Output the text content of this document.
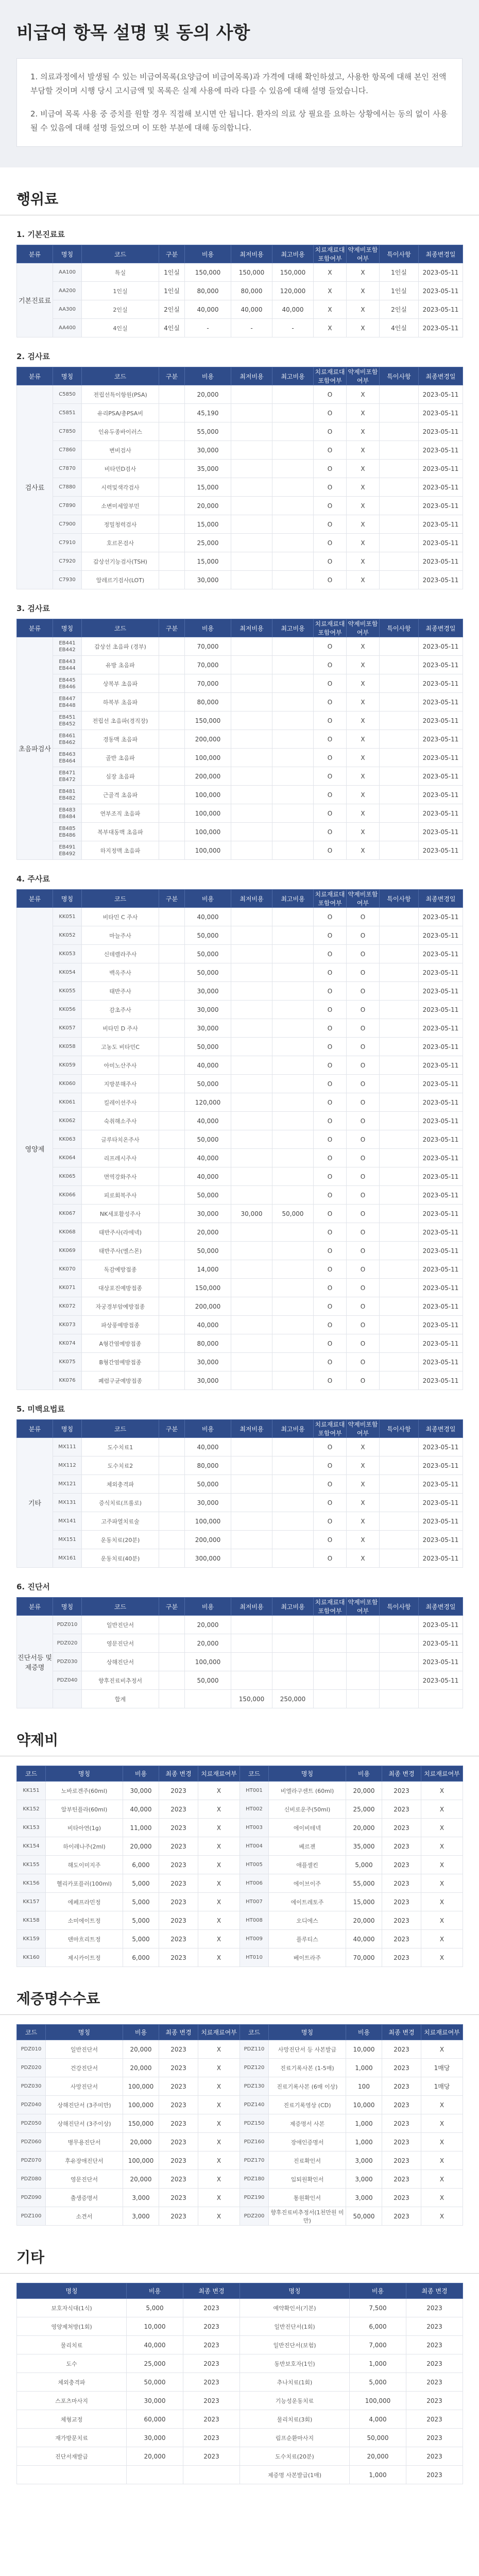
비급여 항목 설명 및 동의 사항

1. 의료과정에서 발생될 수 있는 비급여목록(요양급여 비급여목록)과 가격에 대해 확인하셨고, 사용한 항목에 대해 본인 전액 부담할 것이며 시행 당시 고시금액 및 목록은 실제 사용에 따라 다를 수 있음에 대해 설명 들었습니다.

2. 비급여 목록 사용 중 증치를 원할 경우 직접해 보시면 안 됩니다. 환자의 의료 상 필요를 요하는 상황에서는 동의 없이 사용될 수 있음에 대해 설명 들었으며 이 또한 부분에 대해 동의합니다.

행위료
1. 기본진료료
분류	명칭	코드	구분	비용	최저비용	최고비용	치료재료대포함여부	약제비포함여부	특이사항	최종변경일
기본진료료	AA100	특실	1인실	150,000	150,000	150,000	X	X	1인실	2023-05-11
	AA200	1인실	1인실	80,000	80,000	120,000	X	X	1인실	2023-05-11
	AA300	2인실	2인실	40,000	40,000	40,000	X	X	2인실	2023-05-11
	AA400	4인실	4인실	-	-	-	X	X	4인실	2023-05-11
2. 검사료
분류	명칭	코드	구분	비용	최저비용	최고비용	치료재료대포함여부	약제비포함여부	특이사항	최종변경일
검사료	C5850	전립선특이항원(PSA)		20,000			O	X		2023-05-11
	C5851	유리PSA/총PSA비		45,190			O	X		2023-05-11
	C7850	인유두종바이러스		55,000			O	X		2023-05-11
	C7860	변비검사		30,000			O	X		2023-05-11
	C7870	비타민D검사		35,000			O	X		2023-05-11
	C7880	시력및색각검사		15,000			O	X		2023-05-11
	C7890	소변미세알부민		20,000			O	X		2023-05-11
	C7900	정밀청력검사		15,000			O	X		2023-05-11
	C7910	호르몬검사		25,000			O	X		2023-05-11
	C7920	갑상선기능검사(TSH)		15,000			O	X		2023-05-11
	C7930	알레르기검사(LOT)		30,000			O	X		2023-05-11
3. 검사료
분류	명칭	코드	구분	비용	최저비용	최고비용	치료재료대포함여부	약제비포함여부	특이사항	최종변경일
초음파검사	EB441 EB442	갑상선 초음파 (경부)		70,000			O	X		2023-05-11
	EB443 EB444	유방 초음파		70,000			O	X		2023-05-11
	EB445 EB446	상복부 초음파		70,000			O	X		2023-05-11
	EB447 EB448	하복부 초음파		80,000			O	X		2023-05-11
	EB451 EB452	전립선 초음파(경직장)		150,000			O	X		2023-05-11
	EB461 EB462	경동맥 초음파		200,000			O	X		2023-05-11
	EB463 EB464	골반 초음파		100,000			O	X		2023-05-11
	EB471 EB472	심장 초음파		200,000			O	X		2023-05-11
	EB481 EB482	근골격 초음파		100,000			O	X		2023-05-11
	EB483 EB484	연부조직 초음파		100,000			O	X		2023-05-11
	EB485 EB486	복부대동맥 초음파		100,000			O	X		2023-05-11
	EB491 EB492	하지정맥 초음파		100,000			O	X		2023-05-11
4. 주사료
분류	명칭	코드	구분	비용	최저비용	최고비용	치료재료대포함여부	약제비포함여부	특이사항	최종변경일
영양제	KK051	비타민 C 주사		40,000			O	O		2023-05-11
	KK052	마늘주사		50,000			O	O		2023-05-11
	KK053	신데렐라주사		50,000			O	O		2023-05-11
	KK054	백옥주사		50,000			O	O		2023-05-11
	KK055	태반주사		30,000			O	O		2023-05-11
	KK056	감초주사		30,000			O	O		2023-05-11
	KK057	비타민 D 주사		30,000			O	O		2023-05-11
	KK058	고농도 비타민C		50,000			O	O		2023-05-11
	KK059	아미노산주사		40,000			O	O		2023-05-11
	KK060	지방분해주사		50,000			O	O		2023-05-11
	KK061	킬레이션주사		120,000			O	O		2023-05-11
	KK062	숙취해소주사		40,000			O	O		2023-05-11
	KK063	글루타치온주사		50,000			O	O		2023-05-11
	KK064	리프레시주사		40,000			O	O		2023-05-11
	KK065	면역강화주사		40,000			O	O		2023-05-11
	KK066	피로회복주사		50,000			O	O		2023-05-11
	KK067	NK세포활성주사		30,000	30,000	50,000	O	O		2023-05-11
	KK068	태반주사(라에넥)		20,000			O	O		2023-05-11
	KK069	태반주사(멜스몬)		50,000			O	O		2023-05-11
	KK070	독감예방접종		14,000			O	O		2023-05-11
	KK071	대상포진예방접종		150,000			O	O		2023-05-11
	KK072	자궁경부암예방접종		200,000			O	O		2023-05-11
	KK073	파상풍예방접종		40,000			O	O		2023-05-11
	KK074	A형간염예방접종		80,000			O	O		2023-05-11
	KK075	B형간염예방접종		30,000			O	O		2023-05-11
	KK076	폐렴구균예방접종		30,000			O	O		2023-05-11
5. 미백요법료
분류	명칭	코드	구분	비용	최저비용	최고비용	치료재료대포함여부	약제비포함여부	특이사항	최종변경일
기타	MX111	도수치료1		40,000			O	X		2023-05-11
	MX112	도수치료2		80,000			O	X		2023-05-11
	MX121	체외충격파		50,000			O	X		2023-05-11
	MX131	증식치료(프롤로)		30,000			O	X		2023-05-11
	MX141	고주파열치료술		100,000			O	X		2023-05-11
	MX151	운동치료(20분)		200,000			O	X		2023-05-11
	MX161	운동치료(40분)		300,000			O	X		2023-05-11
6. 진단서
분류	명칭	코드	구분	비용	최저비용	최고비용	치료재료대포함여부	약제비포함여부	특이사항	최종변경일
진단서등 및 제증명	PDZ010	일반진단서		20,000						2023-05-11
	PDZ020	영문진단서		20,000						2023-05-11
	PDZ030	상해진단서		100,000						2023-05-11
	PDZ040	향후진료비추정서		50,000						2023-05-11
		합계			150,000	250,000				
약제비
코드	명칭	비용	최종 변경	치료재료여부	코드	명칭	비용	최종 변경	치료재료여부
KK151	노바로겐주(60ml)	30,000	2023	X	HT001	비엘라구센트 (60ml)	20,000	2023	X
KK152	알부틴플라(60ml)	40,000	2023	X	HT002	신비로운주(50ml)	25,000	2023	X
KK153	비타아연(1g)	11,000	2023	X	HT003	에이비테넥	20,000	2023	X
KK154	하이레나주(2ml)	20,000	2023	X	HT004	베르젠	35,000	2023	X
KK155	해도이미지주	6,000	2023	X	HT005	애플셀킨	5,000	2023	X
KK156	헬리카포플러(100ml)	5,000	2023	X	HT006	에이브이주	55,000	2023	X
KK157	에페프라민정	5,000	2023	X	HT007	에이트레토주	15,000	2023	X
KK158	소미에이트정	5,000	2023	X	HT008	오디에스	20,000	2023	X
KK159	덴마흐리트정	5,000	2023	X	HT009	플루티스	40,000	2023	X
KK160	제시카이트정	6,000	2023	X	HT010	베이트라주	70,000	2023	X
제증명수수료
코드	명칭	비용	최종 변경	치료재료여부	코드	명칭	비용	최종 변경	치료재료여부
PDZ010	일반진단서	20,000	2023	X	PDZ110	사망진단서 등 사본발급	10,000	2023	X
PDZ020	건강진단서	20,000	2023	X	PDZ120	진료기록사본 (1-5매)	1,000	2023	1매당
PDZ030	사망진단서	100,000	2023	X	PDZ130	진료기록사본 (6매 이상)	100	2023	1매당
PDZ040	상해진단서 (3주미만)	100,000	2023	X	PDZ140	진료기록영상 (CD)	10,000	2023	X
PDZ050	상해진단서 (3주이상)	150,000	2023	X	PDZ150	제증명서 사본	1,000	2023	X
PDZ060	병무용진단서	20,000	2023	X	PDZ160	장애인증명서	1,000	2023	X
PDZ070	후유장애진단서	100,000	2023	X	PDZ170	진료확인서	3,000	2023	X
PDZ080	영문진단서	20,000	2023	X	PDZ180	입퇴원확인서	3,000	2023	X
PDZ090	출생증명서	3,000	2023	X	PDZ190	통원확인서	3,000	2023	X
PDZ100	소견서	3,000	2023	X	PDZ200	향후진료비추정서(1천만원 미만)	50,000	2023	X
기타
명칭	비용	최종 변경	명칭	비용	최종 변경
보호자식대(1식)	5,000	2023	예약확인서(기본)	7,500	2023
영양제처방(1회)	10,000	2023	일반진단서(1회)	6,000	2023
물리치료	40,000	2023	일반진단서(보험)	7,000	2023
도수	25,000	2023	동반보호자(1인)	1,000	2023
체외충격파	50,000	2023	추나치료(1회)	5,000	2023
스포츠마사지	30,000	2023	기능성운동치료	100,000	2023
체형교정	60,000	2023	물리치료(3회)	4,000	2023
재가방문치료	30,000	2023	림프순환마사지	50,000	2023
진단서재발급	20,000	2023	도수치료(20분)	20,000	2023
			제증명 사본발급(1매)	1,000	2023
